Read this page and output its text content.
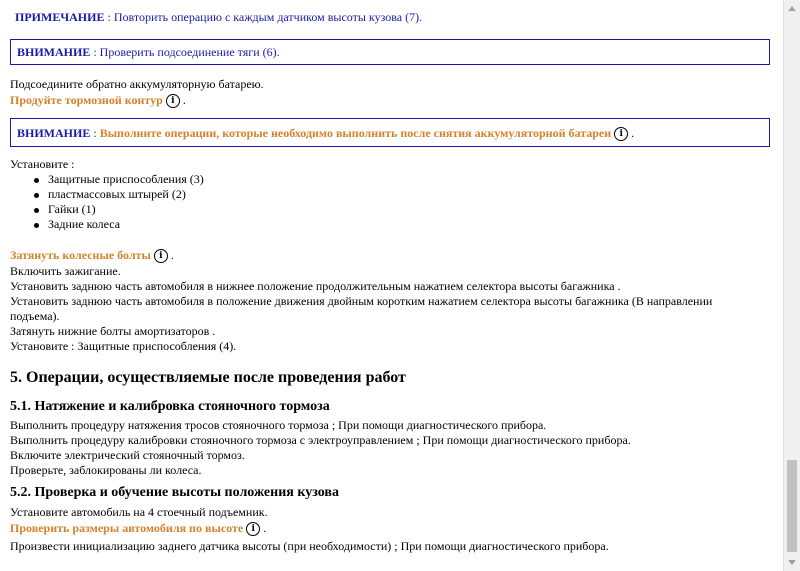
ПРИМЕЧАНИЕ : Повторить операцию с каждым датчиком высоты кузова (7).
ВНИМАНИЕ : Проверить подсоединение тяги (6).
Подсоедините обратно аккумуляторную батарею.
Продуйте тормозной контур i .
ВНИМАНИЕ : Выполните операции, которые необходимо выполнить после снятия аккумуляторной батареи i .
Установите :
Защитные приспособления (3)
пластмассовых штырей (2)
Гайки (1)
Задние колеса
Затянуть колесные болты i .
Включить зажигание.
Установить заднюю часть автомобиля в нижнее положение продолжительным нажатием селектора высоты багажника .
Установить заднюю часть автомобиля в положение движения двойным коротким нажатием селектора высоты багажника (В направлении
подъема).
Затянуть нижние болты амортизаторов .
Установите : Защитные приспособления (4).
5. Операции, осуществляемые после проведения работ
5.1. Натяжение и калибровка стояночного тормоза
Выполнить процедуру натяжения тросов стояночного тормоза ; При помощи диагностического прибора.
Выполнить процедуру калибровки стояночного тормоза с электроуправлением ; При помощи диагностического прибора.
Включите электрический стояночный тормоз.
Проверьте, заблокированы ли колеса.
5.2. Проверка и обучение высоты положения кузова
Установите автомобиль на 4 стоечный подъемник.
Проверить размеры автомобиля по высоте i .
Произвести инициализацию заднего датчика высоты (при необходимости) ; При помощи диагностического прибора.
